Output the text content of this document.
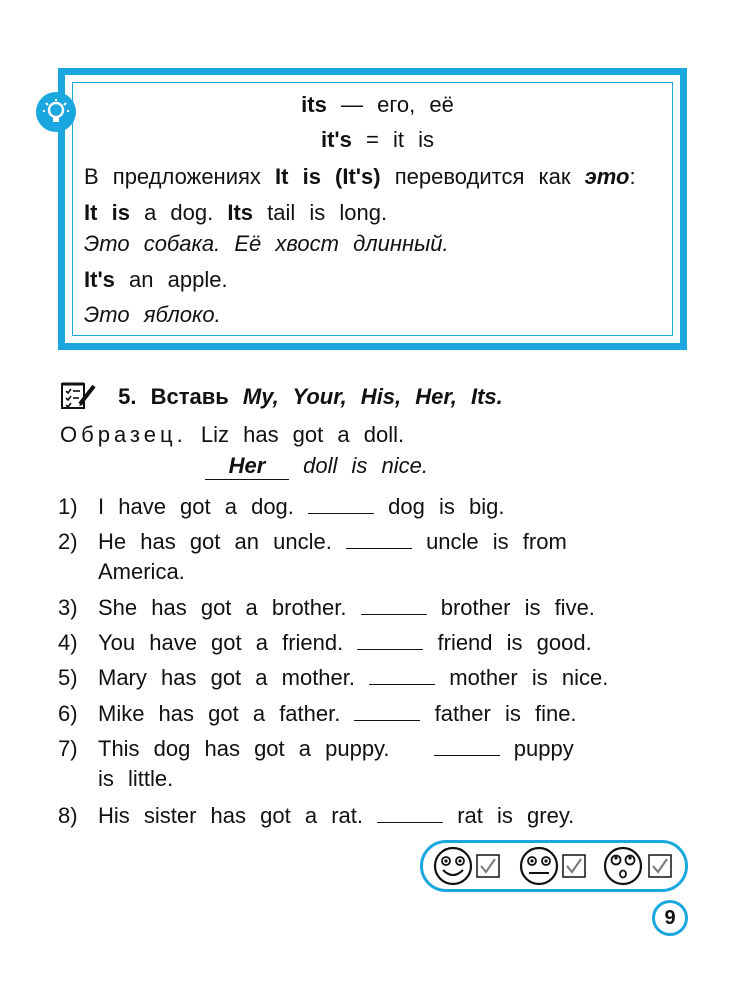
its — его, её
it's = it is
В предложениях It is (It's) переводится как это:
It is a dog. Its tail is long.
Это собака. Её хвост длинный.
It's an apple.
Это яблоко.
5. Вставь My, Your, His, Her, Its.
Образец. Liz has got a doll.
Her doll is nice.
1) I have got a dog.	dog is big.
2) He has got an uncle.	uncle is from
America.
3) She has got a brother.	brother is five.
4) You have got a friend.	friend is good.
5) Mary has got a mother.	mother is nice.
6) Mike has got a father.	father is fine.
7) This dog has got a puppy.	puppy
is little.
8) His sister has got a rat.	rat is grey.
9
